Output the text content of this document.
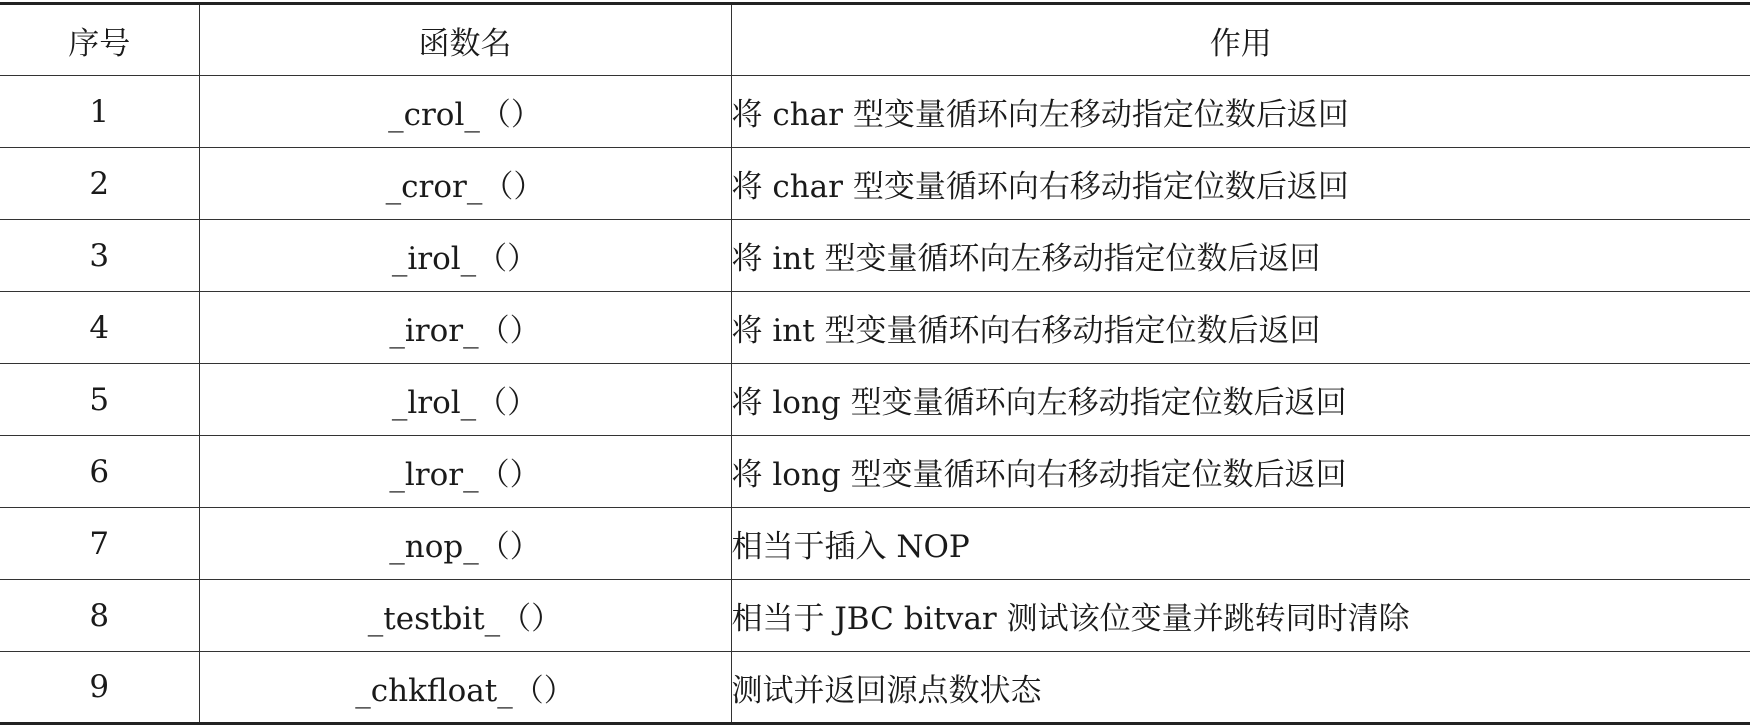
序号	函数名	作用
1	_crol_（）	将 char 型变量循环向左移动指定位数后返回
2	_cror_（）	将 char 型变量循环向右移动指定位数后返回
3	_irol_（）	将 int 型变量循环向左移动指定位数后返回
4	_iror_（）	将 int 型变量循环向右移动指定位数后返回
5	_lrol_（）	将 long 型变量循环向左移动指定位数后返回
6	_lror_（）	将 long 型变量循环向右移动指定位数后返回
7	_nop_（）	相当于插入 NOP
8	_testbit_（）	相当于 JBC bitvar 测试该位变量并跳转同时清除
9	_chkfloat_（）	测试并返回源点数状态
